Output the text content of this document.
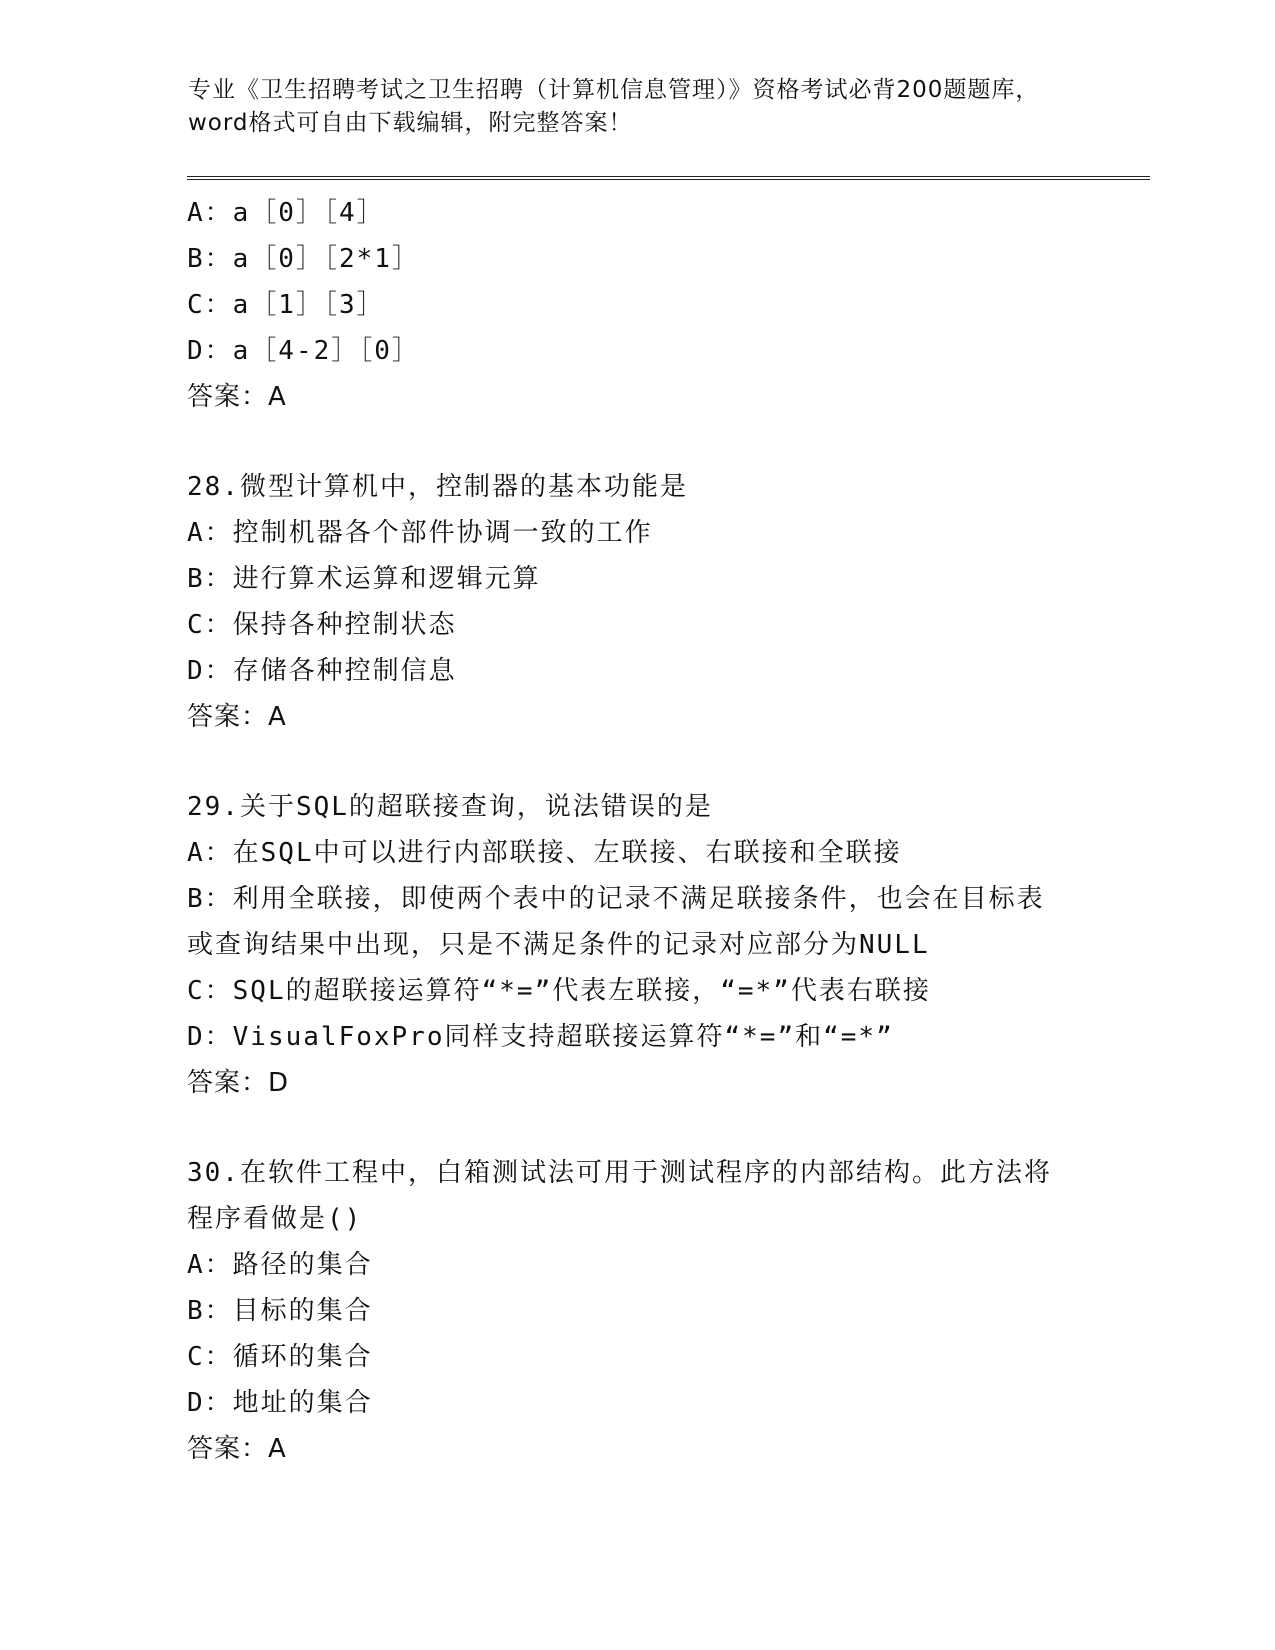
专业《卫生招聘考试之卫生招聘（计算机信息管理）》资格考试必背200题题库，
word格式可自由下载编辑，附完整答案！
A：a［0］［4］
B：a［0］［2*1］
C：a［1］［3］
D：a［4-2］［0］
答案：A
28.微型计算机中，控制器的基本功能是
A：控制机器各个部件协调一致的工作
B：进行算术运算和逻辑元算
C：保持各种控制状态
D：存储各种控制信息
答案：A
29.关于SQL的超联接查询，说法错误的是
A：在SQL中可以进行内部联接、左联接、右联接和全联接
B：利用全联接，即使两个表中的记录不满足联接条件，也会在目标表
或查询结果中出现，只是不满足条件的记录对应部分为NULL
C：SQL的超联接运算符“*=”代表左联接，“=*”代表右联接
D：VisualFoxPro同样支持超联接运算符“*=”和“=*”
答案：D
30.在软件工程中，白箱测试法可用于测试程序的内部结构。此方法将
程序看做是()
A：路径的集合
B：目标的集合
C：循环的集合
D：地址的集合
答案：A
